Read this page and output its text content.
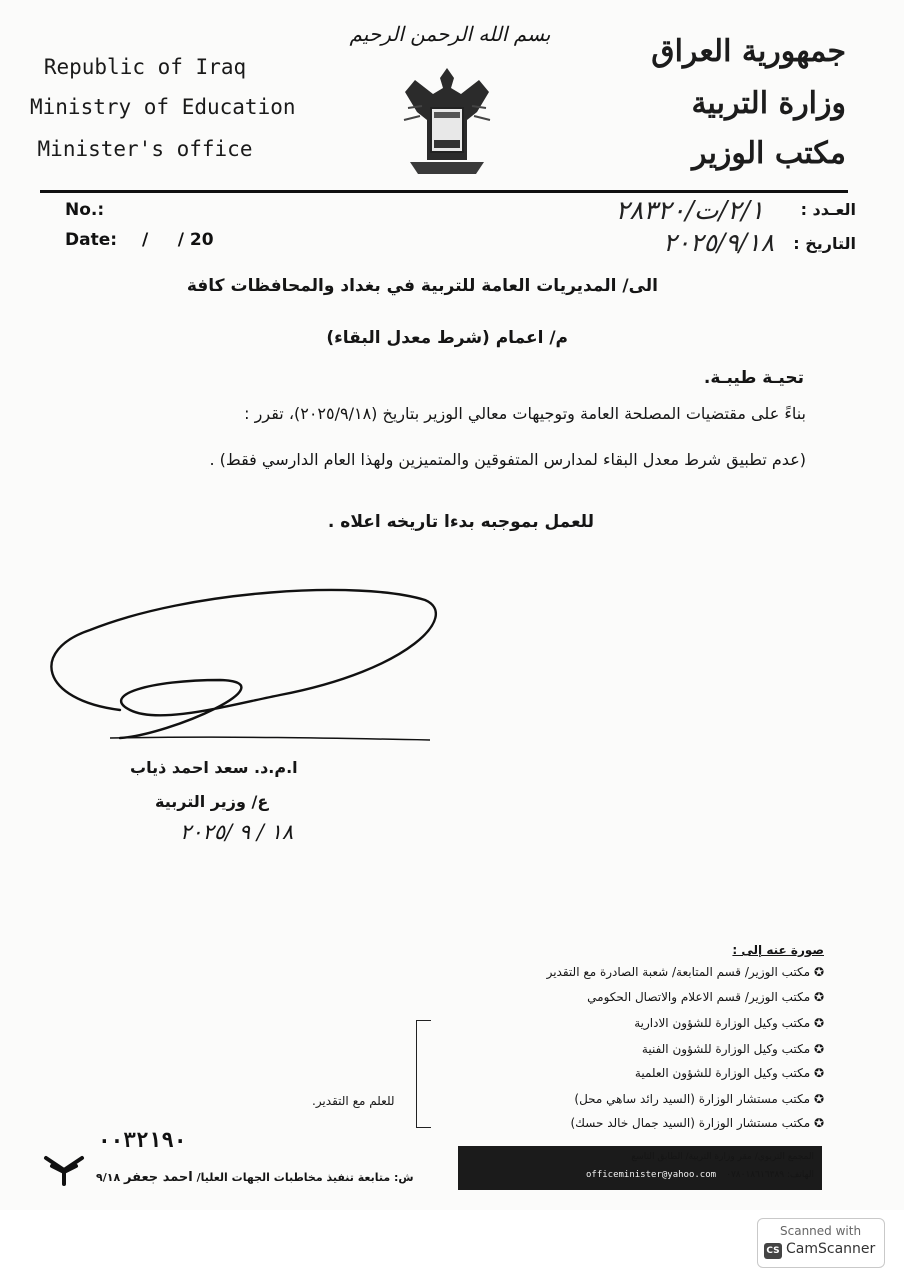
بسم الله الرحمن الرحيم
Republic of Iraq
Ministry of Education
Minister's office
جمهورية العراق
وزارة التربية
مكتب الوزير
No.:
Date: /     / 20
العـدد :
٢/١/ت/٢٨٣٢٠
التاريخ :
٢٠٢٥/٩/١٨
الى/ المديريات العامة للتربية في بغداد والمحافظات كافة
م/ اعمام (شرط معدل البقاء)
تحيـة طيبـة.
بناءً على مقتضيات المصلحة العامة وتوجيهات معالي الوزير بتاريخ (٢٠٢٥/٩/١٨)، تقرر :
(عدم تطبيق شرط معدل البقاء لمدارس المتفوقين والمتميزين ولهذا العام الدارسي فقط) .
للعمل بموجبه بدءا تاريخه اعلاه .
ا.م.د. سعد احمد ذياب
ع/ وزير التربية
١٨ / ٩ /٢٠٢٥
صورة عنه إلى :
✪ مكتب الوزير/ قسم المتابعة/ شعبة الصادرة مع التقدير
✪ مكتب الوزير/ قسم الاعلام والاتصال الحكومي
✪ مكتب وكيل الوزارة للشؤون الادارية
✪ مكتب وكيل الوزارة للشؤون الفنية
✪ مكتب وكيل الوزارة للشؤون العلمية
✪ مكتب مستشار الوزارة (السيد رائد ساهي محل)
✪ مكتب مستشار الوزارة (السيد جمال خالد حسك)
للعلم مع التقدير.
٠٠٣٢١٩٠
ش: متابعة تنفيذ مخاطبات الجهات العليا/ احمد جعفر ٩/١٨
المجمع التربوي/ مقر وزارة التربية/ الطابق التاسع
الهاتف: ٠٧٨٠١٨٦١٦٣٨٩
officeminister@yahoo.com
Scanned with
CS CamScanner
